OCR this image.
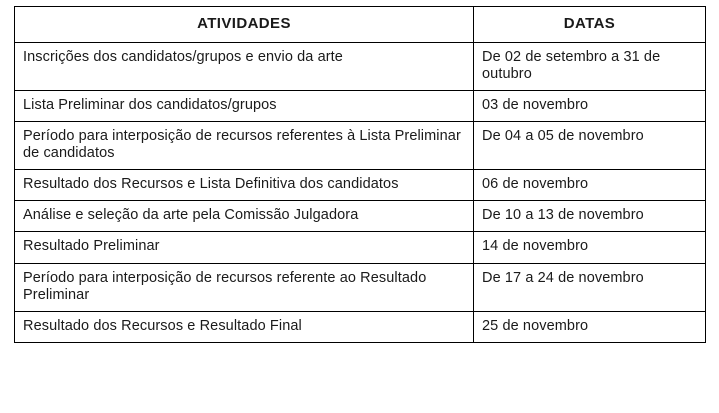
ATIVIDADES	DATAS
Inscrições dos candidatos/grupos e envio da arte	De 02 de setembro a 31 de outubro
Lista Preliminar dos candidatos/grupos	03 de novembro
Período para interposição de recursos referentes à Lista Preliminar de candidatos	De 04 a 05 de novembro
Resultado dos Recursos e Lista Definitiva dos candidatos	06 de novembro
Análise e seleção da arte pela Comissão Julgadora	De 10 a 13 de novembro
Resultado Preliminar	14 de novembro
Período para interposição de recursos referente ao Resultado Preliminar	De 17 a 24 de novembro
Resultado dos Recursos e Resultado Final	25 de novembro
